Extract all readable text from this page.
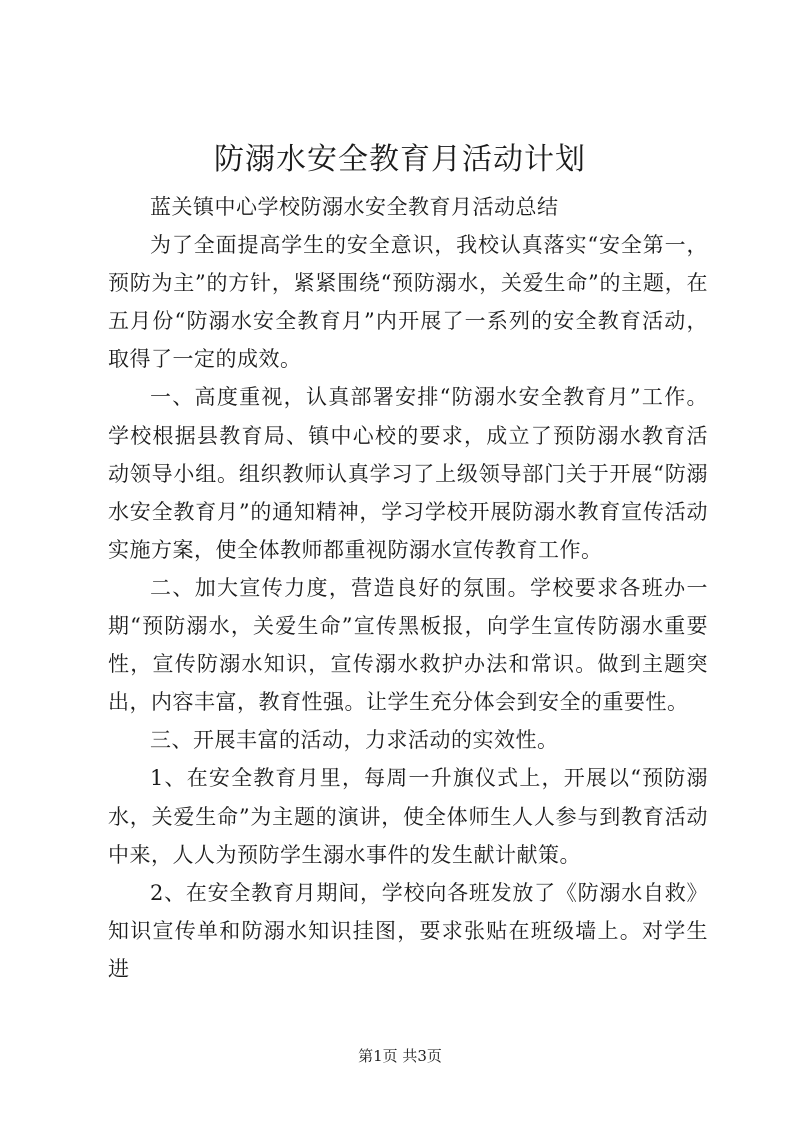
防溺水安全教育月活动计划

蓝关镇中心学校防溺水安全教育月活动总结

为了全面提高学生的安全意识，我校认真落实“安全第一，预防为主”的方针，紧紧围绕“预防溺水，关爱生命”的主题，在五月份“防溺水安全教育月”内开展了一系列的安全教育活动，取得了一定的成效。

一、高度重视，认真部署安排“防溺水安全教育月”工作。学校根据县教育局、镇中心校的要求，成立了预防溺水教育活动领导小组。组织教师认真学习了上级领导部门关于开展“防溺水安全教育月”的通知精神，学习学校开展防溺水教育宣传活动实施方案，使全体教师都重视防溺水宣传教育工作。

二、加大宣传力度，营造良好的氛围。学校要求各班办一期“预防溺水，关爱生命”宣传黑板报，向学生宣传防溺水重要性，宣传防溺水知识，宣传溺水救护办法和常识。做到主题突出，内容丰富，教育性强。让学生充分体会到安全的重要性。

三、开展丰富的活动，力求活动的实效性。

1、在安全教育月里，每周一升旗仪式上，开展以“预防溺水，关爱生命”为主题的演讲，使全体师生人人参与到教育活动中来，人人为预防学生溺水事件的发生献计献策。

2、在安全教育月期间，学校向各班发放了《防溺水自救》知识宣传单和防溺水知识挂图，要求张贴在班级墙上。对学生进

第1页 共3页
